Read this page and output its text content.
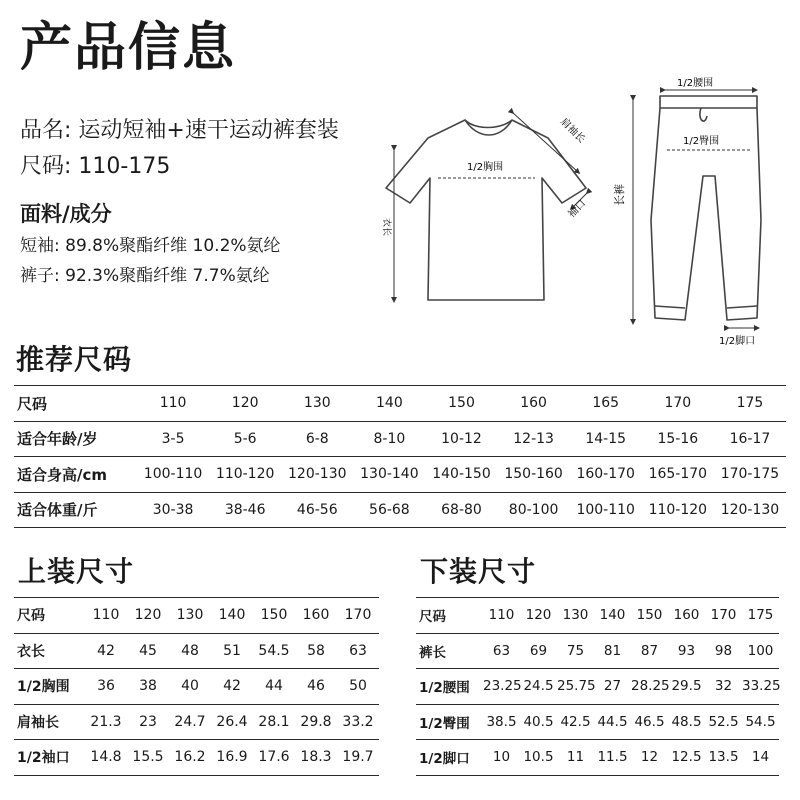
产品信息
品名: 运动短袖+速干运动裤套装
尺码: 110-175
面料/成分
短袖: 89.8%聚酯纤维 10.2%氨纶
裤子: 92.3%聚酯纤维 7.7%氨纶
衣长
1/2胸围
肩袖长
袖口
1/2腰围
1/2臀围
长裤
1/2脚口
推荐尺码
尺码	110	120	130	140	150	160	165	170	175
适合年龄/岁	3-5	5-6	6-8	8-10	10-12	12-13	14-15	15-16	16-17
适合身高/cm	100-110	110-120	120-130	130-140	140-150	150-160	160-170	165-170	170-175
适合体重/斤	30-38	38-46	46-56	56-68	68-80	80-100	100-110	110-120	120-130
上装尺寸
尺码	110	120	130	140	150	160	170
衣长	42	45	48	51	54.5	58	63
1/2胸围	36	38	40	42	44	46	50
肩袖长	21.3	23	24.7	26.4	28.1	29.8	33.2
1/2袖口	14.8	15.5	16.2	16.9	17.6	18.3	19.7
下装尺寸
尺码	110	120	130	140	150	160	170	175
裤长	63	69	75	81	87	93	98	100
1/2腰围	23.25	24.5	25.75	27	28.25	29.5	32	33.25
1/2臀围	38.5	40.5	42.5	44.5	46.5	48.5	52.5	54.5
1/2脚口	10	10.5	11	11.5	12	12.5	13.5	14
